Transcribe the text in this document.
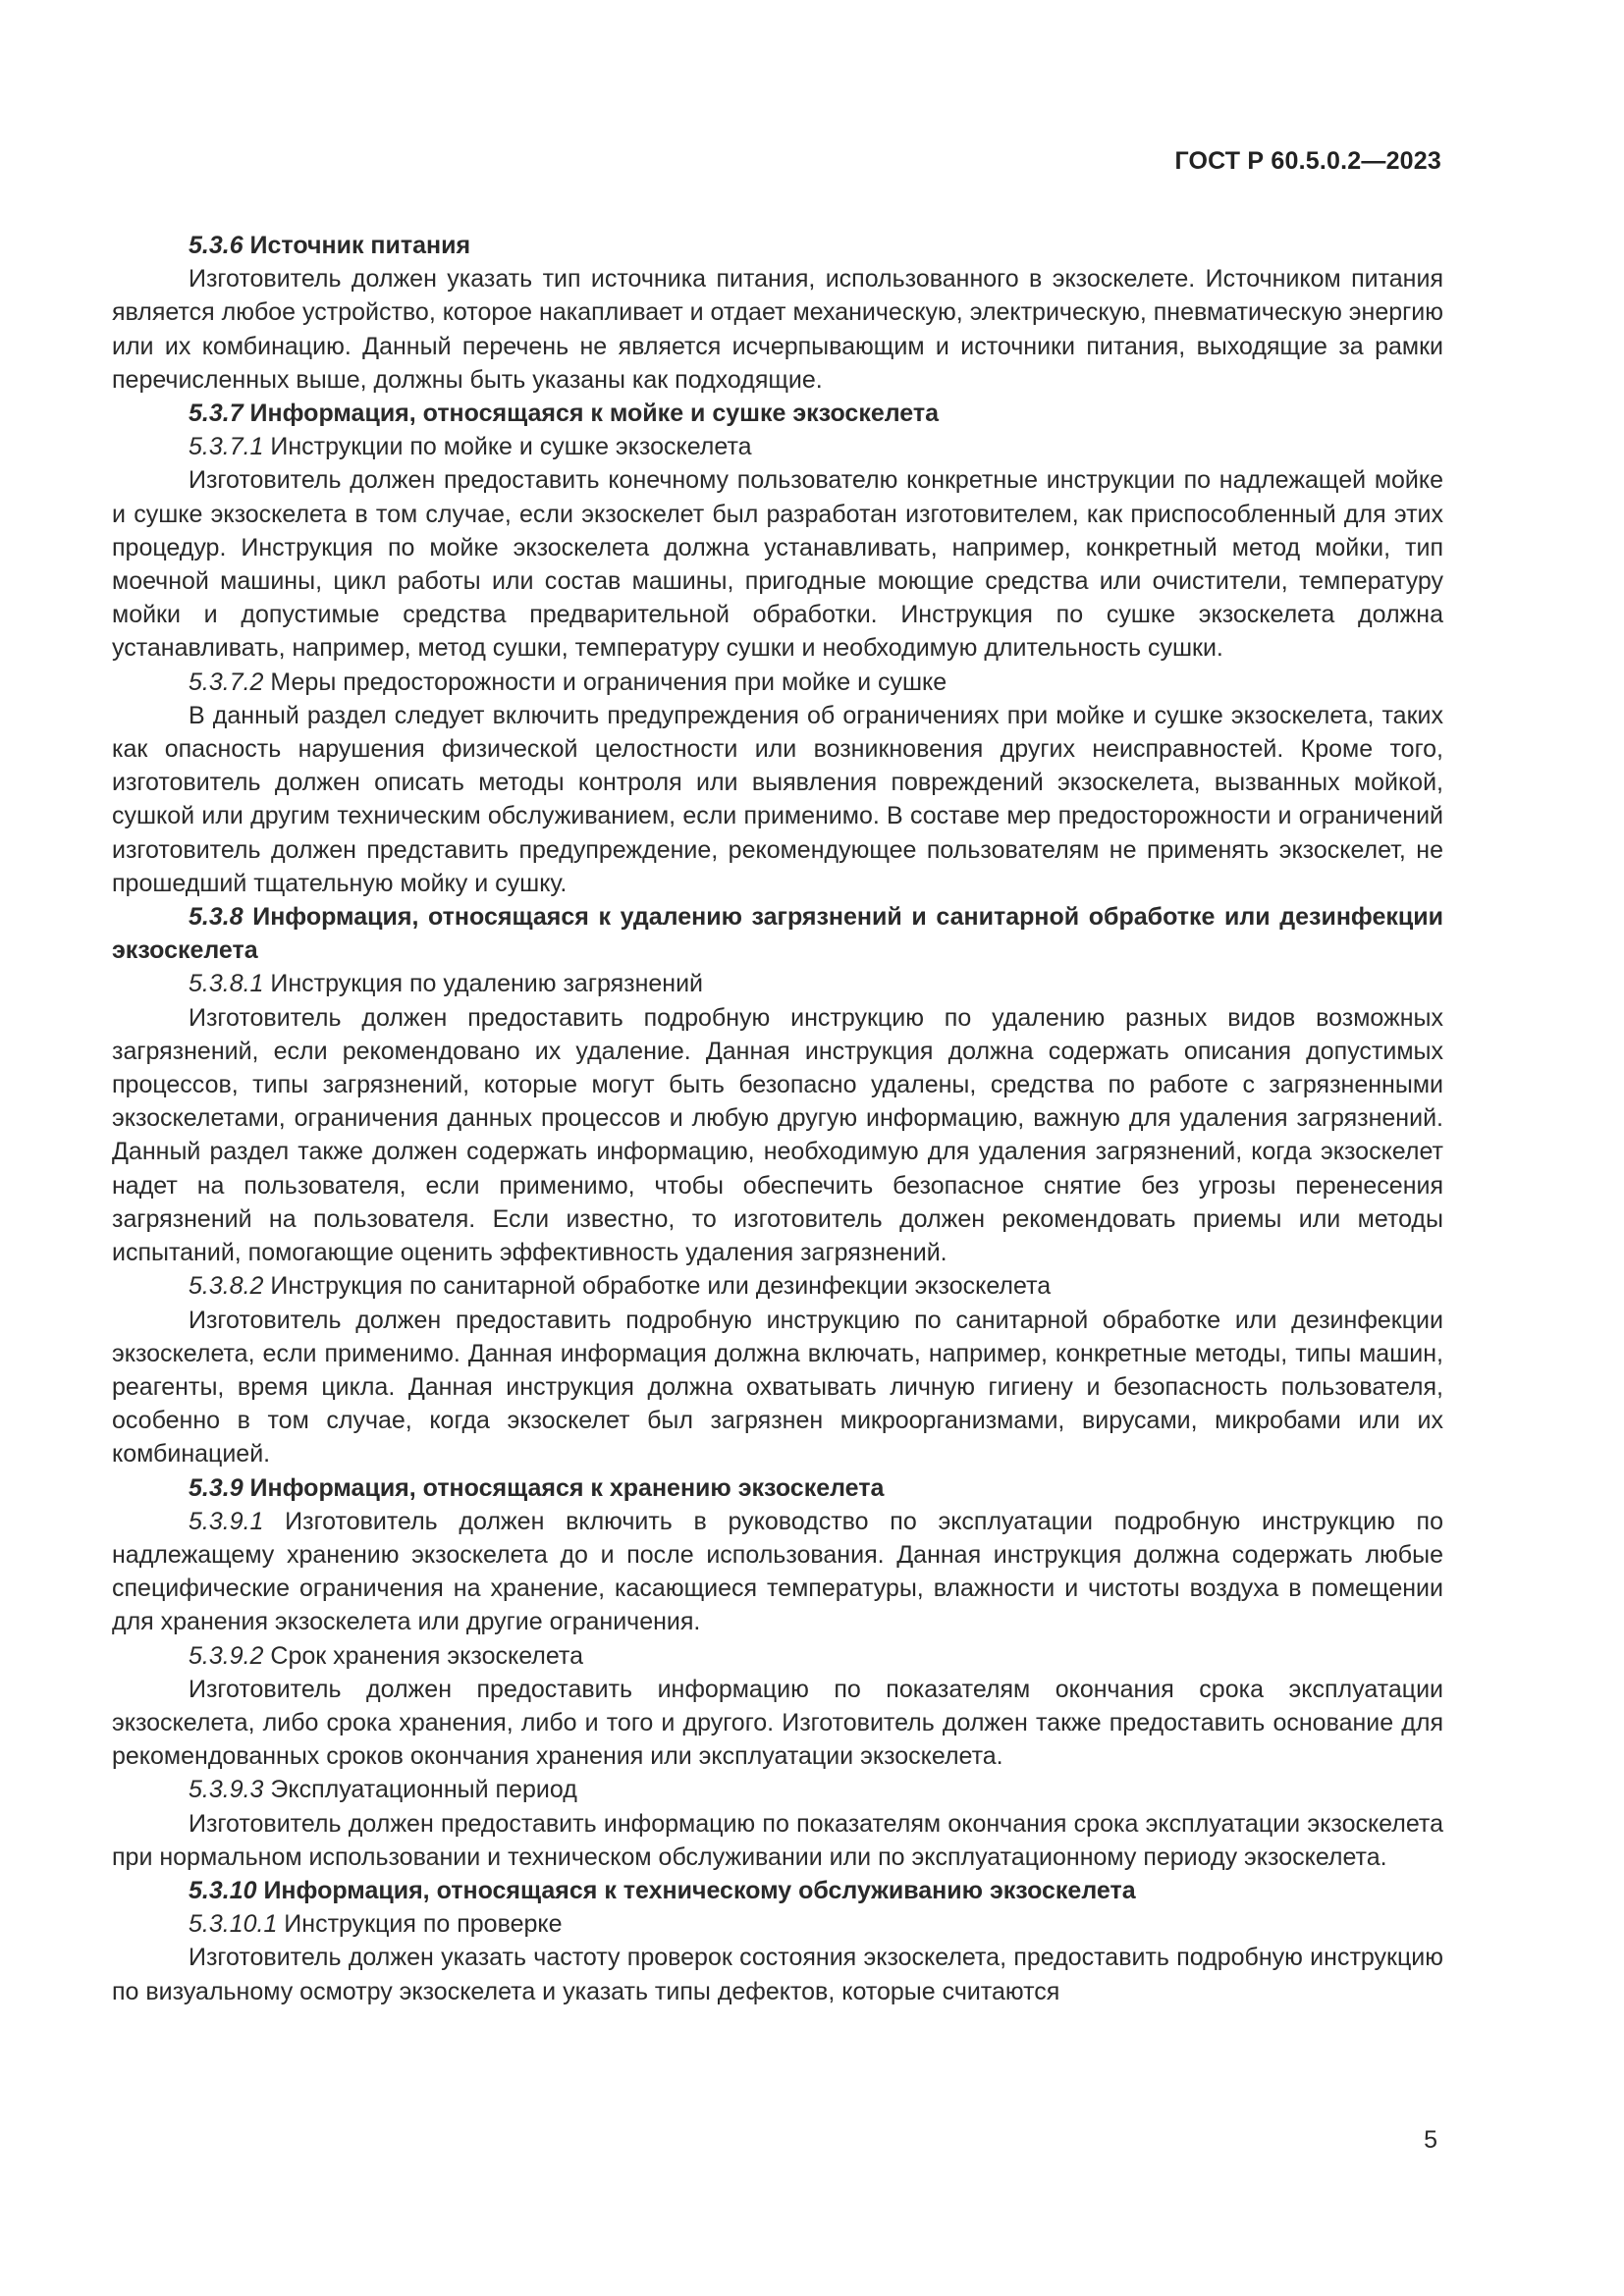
ГОСТ Р 60.5.0.2—2023

5.3.6 Источник питания

Изготовитель должен указать тип источника питания, использованного в экзоскелете. Источником питания является любое устройство, которое накапливает и отдает механическую, электрическую, пневматическую энергию или их комбинацию. Данный перечень не является исчерпывающим и источники питания, выходящие за рамки перечисленных выше, должны быть указаны как подходящие.

5.3.7 Информация, относящаяся к мойке и сушке экзоскелета

5.3.7.1 Инструкции по мойке и сушке экзоскелета

Изготовитель должен предоставить конечному пользователю конкретные инструкции по надлежащей мойке и сушке экзоскелета в том случае, если экзоскелет был разработан изготовителем, как приспособленный для этих процедур. Инструкция по мойке экзоскелета должна устанавливать, например, конкретный метод мойки, тип моечной машины, цикл работы или состав машины, пригодные моющие средства или очистители, температуру мойки и допустимые средства предварительной обработки. Инструкция по сушке экзоскелета должна устанавливать, например, метод сушки, температуру сушки и необходимую длительность сушки.

5.3.7.2 Меры предосторожности и ограничения при мойке и сушке

В данный раздел следует включить предупреждения об ограничениях при мойке и сушке экзоскелета, таких как опасность нарушения физической целостности или возникновения других неисправностей. Кроме того, изготовитель должен описать методы контроля или выявления повреждений экзоскелета, вызванных мойкой, сушкой или другим техническим обслуживанием, если применимо. В составе мер предосторожности и ограничений изготовитель должен представить предупреждение, рекомендующее пользователям не применять экзоскелет, не прошедший тщательную мойку и сушку.

5.3.8 Информация, относящаяся к удалению загрязнений и санитарной обработке или дезинфекции экзоскелета

5.3.8.1 Инструкция по удалению загрязнений

Изготовитель должен предоставить подробную инструкцию по удалению разных видов возможных загрязнений, если рекомендовано их удаление. Данная инструкция должна содержать описания допустимых процессов, типы загрязнений, которые могут быть безопасно удалены, средства по работе с загрязненными экзоскелетами, ограничения данных процессов и любую другую информацию, важную для удаления загрязнений. Данный раздел также должен содержать информацию, необходимую для удаления загрязнений, когда экзоскелет надет на пользователя, если применимо, чтобы обеспечить безопасное снятие без угрозы перенесения загрязнений на пользователя. Если известно, то изготовитель должен рекомендовать приемы или методы испытаний, помогающие оценить эффективность удаления загрязнений.

5.3.8.2 Инструкция по санитарной обработке или дезинфекции экзоскелета

Изготовитель должен предоставить подробную инструкцию по санитарной обработке или дезинфекции экзоскелета, если применимо. Данная информация должна включать, например, конкретные методы, типы машин, реагенты, время цикла. Данная инструкция должна охватывать личную гигиену и безопасность пользователя, особенно в том случае, когда экзоскелет был загрязнен микроорганизмами, вирусами, микробами или их комбинацией.

5.3.9 Информация, относящаяся к хранению экзоскелета

5.3.9.1 Изготовитель должен включить в руководство по эксплуатации подробную инструкцию по надлежащему хранению экзоскелета до и после использования. Данная инструкция должна содержать любые специфические ограничения на хранение, касающиеся температуры, влажности и чистоты воздуха в помещении для хранения экзоскелета или другие ограничения.

5.3.9.2 Срок хранения экзоскелета

Изготовитель должен предоставить информацию по показателям окончания срока эксплуатации экзоскелета, либо срока хранения, либо и того и другого. Изготовитель должен также предоставить основание для рекомендованных сроков окончания хранения или эксплуатации экзоскелета.

5.3.9.3 Эксплуатационный период

Изготовитель должен предоставить информацию по показателям окончания срока эксплуатации экзоскелета при нормальном использовании и техническом обслуживании или по эксплуатационному периоду экзоскелета.

5.3.10 Информация, относящаяся к техническому обслуживанию экзоскелета

5.3.10.1 Инструкция по проверке

Изготовитель должен указать частоту проверок состояния экзоскелета, предоставить подробную инструкцию по визуальному осмотру экзоскелета и указать типы дефектов, которые считаются

5
